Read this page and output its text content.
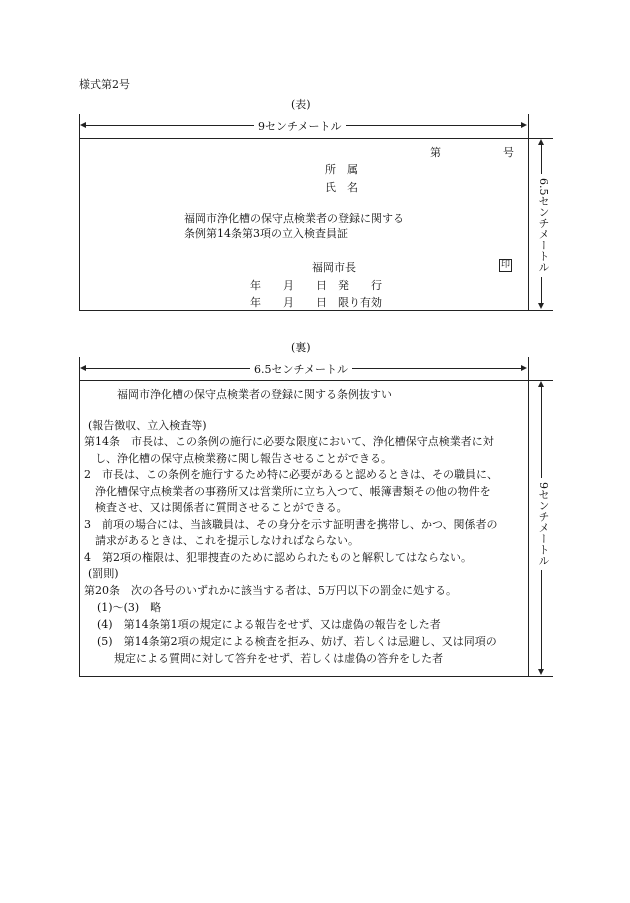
様式第2号
(表)
9センチメートル
第	号
所　属
氏　名
福岡市浄化槽の保守点検業者の登録に関する
条例第14条第3項の立入検査員証
福岡市長	印
年　　月　　日　発　　行
年　　月　　日　限り有効
6.5センチメートル
(裏)
6.5センチメートル
福岡市浄化槽の保守点検業者の登録に関する条例抜すい
(報告徴収、立入検査等)
第14条　市長は、この条例の施行に必要な限度において、浄化槽保守点検業者に対
し、浄化槽の保守点検業務に関し報告させることができる。
2　市長は、この条例を施行するため特に必要があると認めるときは、その職員に、
浄化槽保守点検業者の事務所又は営業所に立ち入つて、帳簿書類その他の物件を
検査させ、又は関係者に質問させることができる。
3　前項の場合には、当該職員は、その身分を示す証明書を携帯し、かつ、関係者の
請求があるときは、これを提示しなければならない。
4　第2項の権限は、犯罪捜査のために認められたものと解釈してはならない。
(罰則)
第20条　次の各号のいずれかに該当する者は、5万円以下の罰金に処する。
(1)〜(3)　略
(4)　第14条第1項の規定による報告をせず、又は虚偽の報告をした者
(5)　第14条第2項の規定による検査を拒み、妨げ、若しくは忌避し、又は同項の
規定による質問に対して答弁をせず、若しくは虚偽の答弁をした者
9センチメートル
